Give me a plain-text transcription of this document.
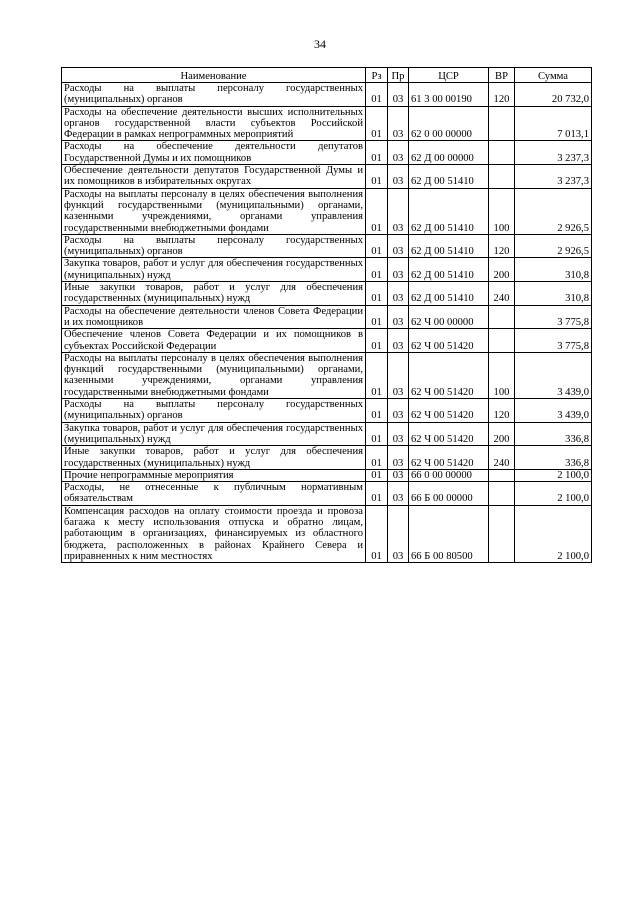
34
Наименование	Рз	Пр	ЦСР	ВР	Сумма
Расходы на выплаты персоналу государственных (муниципальных) органов	01	03	61 3 00 00190	120	20 732,0
Расходы на обеспечение деятельности высших исполнительных органов государственной власти субъектов Российской Федерации в рамках непрограммных мероприятий	01	03	62 0 00 00000		7 013,1
Расходы на обеспечение деятельности депутатов Государственной Думы и их помощников	01	03	62 Д 00 00000		3 237,3
Обеспечение деятельности депутатов Государственной Думы и их помощников в избирательных округах	01	03	62 Д 00 51410		3 237,3
Расходы на выплаты персоналу в целях обеспечения выполнения функций государственными (муниципальными) органами, казенными учреждениями, органами управления государственными внебюджетными фондами	01	03	62 Д 00 51410	100	2 926,5
Расходы на выплаты персоналу государственных (муниципальных) органов	01	03	62 Д 00 51410	120	2 926,5
Закупка товаров, работ и услуг для обеспечения государственных (муниципальных) нужд	01	03	62 Д 00 51410	200	310,8
Иные закупки товаров, работ и услуг для обеспечения государственных (муниципальных) нужд	01	03	62 Д 00 51410	240	310,8
Расходы на обеспечение деятельности членов Совета Федерации и их помощников	01	03	62 Ч 00 00000		3 775,8
Обеспечение членов Совета Федерации и их помощников в субъектах Российской Федерации	01	03	62 Ч 00 51420		3 775,8
Расходы на выплаты персоналу в целях обеспечения выполнения функций государственными (муниципальными) органами, казенными учреждениями, органами управления государственными внебюджетными фондами	01	03	62 Ч 00 51420	100	3 439,0
Расходы на выплаты персоналу государственных (муниципальных) органов	01	03	62 Ч 00 51420	120	3 439,0
Закупка товаров, работ и услуг для обеспечения государственных (муниципальных) нужд	01	03	62 Ч 00 51420	200	336,8
Иные закупки товаров, работ и услуг для обеспечения государственных (муниципальных) нужд	01	03	62 Ч 00 51420	240	336,8
Прочие непрограммные мероприятия	01	03	66 0 00 00000		2 100,0
Расходы, не отнесенные к публичным нормативным обязательствам	01	03	66 Б 00 00000		2 100,0
Компенсация расходов на оплату стоимости проезда и провоза багажа к месту использования отпуска и обратно лицам, работающим в организациях, финансируемых из областного бюджета, расположенных в районах Крайнего Севера и приравненных к ним местностях	01	03	66 Б 00 80500		2 100,0
